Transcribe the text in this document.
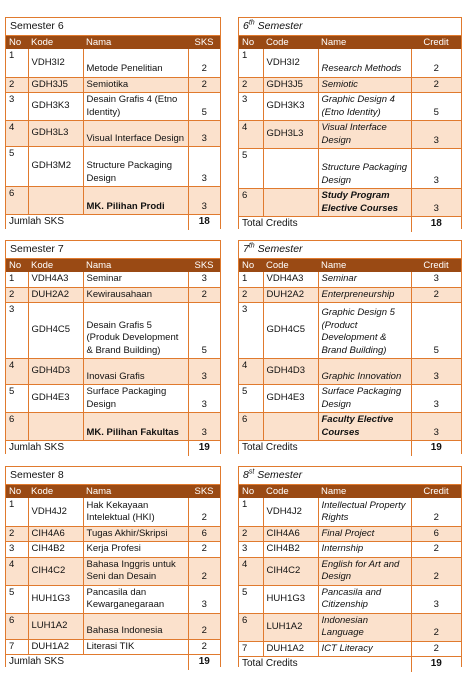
Semester 6
No	Kode	Nama	SKS
1	VDH3I2	Metode Penelitian	2
2	GDH3J5	Semiotika	2
3	GDH3K3	Desain Grafis 4 (Etno Identity)	5
4	GDH3L3	Visual Interface Design	3
5	GDH3M2	Structure Packaging Design	3
6		MK. Pilihan Prodi	3
Jumlah SKS			18
6th Semester
No	Code	Name	Credit
1	VDH3I2	Research Methods	2
2	GDH3J5	Semiotic	2
3	GDH3K3	Graphic Design 4 (Etno Identity)	5
4	GDH3L3	Visual Interface Design	3
5		Structure Packaging Design	3
6		Study Program Elective Courses	3
Total Credits			18
Semester 7
No	Kode	Nama	SKS
1	VDH4A3	Seminar	3
2	DUH2A2	Kewirausahaan	2
3	GDH4C5	Desain Grafis 5 (Produk Development & Brand Building)	5
4	GDH4D3	Inovasi Grafis	3
5	GDH4E3	Surface Packaging Design	3
6		MK. Pilihan Fakultas	3
Jumlah SKS			19
7th Semester
No	Code	Name	Credit
1	VDH4A3	Seminar	3
2	DUH2A2	Enterpreneurship	2
3	GDH4C5	Graphic Design 5 (Product Development & Brand Building)	5
4	GDH4D3	Graphic Innovation	3
5	GDH4E3	Surface Packaging Design	3
6		Faculty Elective Courses	3
Total Credits			19
Semester 8
No	Kode	Nama	SKS
1	VDH4J2	Hak Kekayaan Intelektual (HKI)	2
2	CIH4A6	Tugas Akhir/Skripsi	6
3	CIH4B2	Kerja Profesi	2
4	CIH4C2	Bahasa Inggris untuk Seni dan Desain	2
5	HUH1G3	Pancasila dan Kewarganegaraan	3
6	LUH1A2	Bahasa Indonesia	2
7	DUH1A2	Literasi TIK	2
Jumlah SKS			19
8st Semester
No	Code	Name	Credit
1	VDH4J2	Intellectual Property Rights	2
2	CIH4A6	Final Project	6
3	CIH4B2	Internship	2
4	CIH4C2	English for Art and Design	2
5	HUH1G3	Pancasila and Citizenship	3
6	LUH1A2	Indonesian Language	2
7	DUH1A2	ICT Literacy	2
Total Credits			19
